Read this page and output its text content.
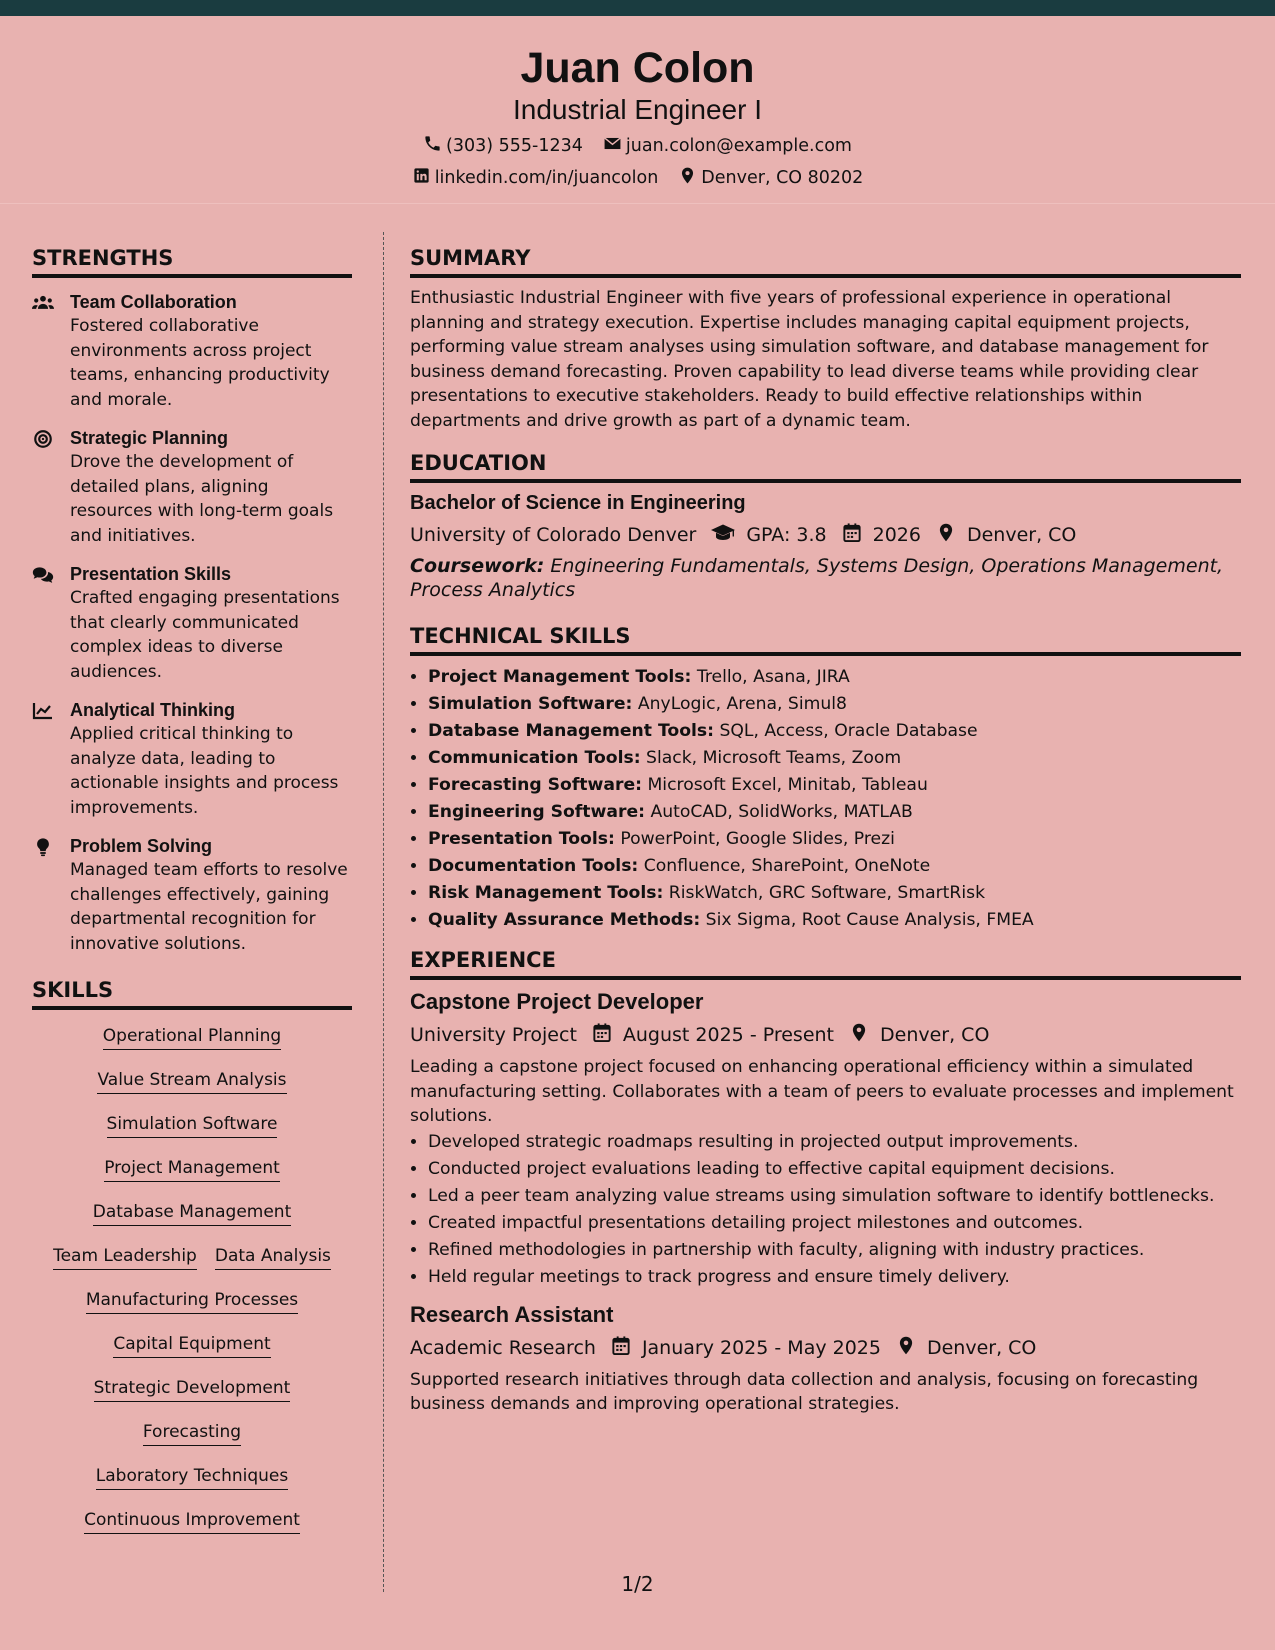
Juan Colon
Industrial Engineer I
(303) 555-1234 juan.colon@example.com
linkedin.com/in/juancolon Denver, CO 80202
STRENGTHS
Team Collaboration
Fostered collaborative environments across project teams, enhancing productivity and morale.
Strategic Planning
Drove the development of detailed plans, aligning resources with long-term goals and initiatives.
Presentation Skills
Crafted engaging presentations that clearly communicated complex ideas to diverse audiences.
Analytical Thinking
Applied critical thinking to analyze data, leading to actionable insights and process improvements.
Problem Solving
Managed team efforts to resolve challenges effectively, gaining departmental recognition for innovative solutions.
SKILLS
Operational Planning
Value Stream Analysis
Simulation Software
Project Management
Database Management
Team Leadership Data Analysis
Manufacturing Processes
Capital Equipment
Strategic Development
Forecasting
Laboratory Techniques
Continuous Improvement
SUMMARY
Enthusiastic Industrial Engineer with five years of professional experience in operational planning and strategy execution. Expertise includes managing capital equipment projects, performing value stream analyses using simulation software, and database management for business demand forecasting. Proven capability to lead diverse teams while providing clear presentations to executive stakeholders. Ready to build effective relationships within departments and drive growth as part of a dynamic team.
EDUCATION
Bachelor of Science in Engineering
University of Colorado Denver	GPA: 3.8 2026 Denver, CO
Coursework: Engineering Fundamentals, Systems Design, Operations Management, Process Analytics
TECHNICAL SKILLS
• Project Management Tools: Trello, Asana, JIRA
• Simulation Software: AnyLogic, Arena, Simul8
• Database Management Tools: SQL, Access, Oracle Database
• Communication Tools: Slack, Microsoft Teams, Zoom
• Forecasting Software: Microsoft Excel, Minitab, Tableau
• Engineering Software: AutoCAD, SolidWorks, MATLAB
• Presentation Tools: PowerPoint, Google Slides, Prezi
• Documentation Tools: Confluence, SharePoint, OneNote
• Risk Management Tools: RiskWatch, GRC Software, SmartRisk
• Quality Assurance Methods: Six Sigma, Root Cause Analysis, FMEA
EXPERIENCE
Capstone Project Developer
University Project August 2025 - Present Denver, CO
Leading a capstone project focused on enhancing operational efficiency within a simulated manufacturing setting. Collaborates with a team of peers to evaluate processes and implement solutions.
• Developed strategic roadmaps resulting in projected output improvements.
• Conducted project evaluations leading to effective capital equipment decisions.
• Led a peer team analyzing value streams using simulation software to identify bottlenecks.
• Created impactful presentations detailing project milestones and outcomes.
• Refined methodologies in partnership with faculty, aligning with industry practices.
• Held regular meetings to track progress and ensure timely delivery.
Research Assistant
Academic Research January 2025 - May 2025 Denver, CO
Supported research initiatives through data collection and analysis, focusing on forecasting business demands and improving operational strategies.
1/2
